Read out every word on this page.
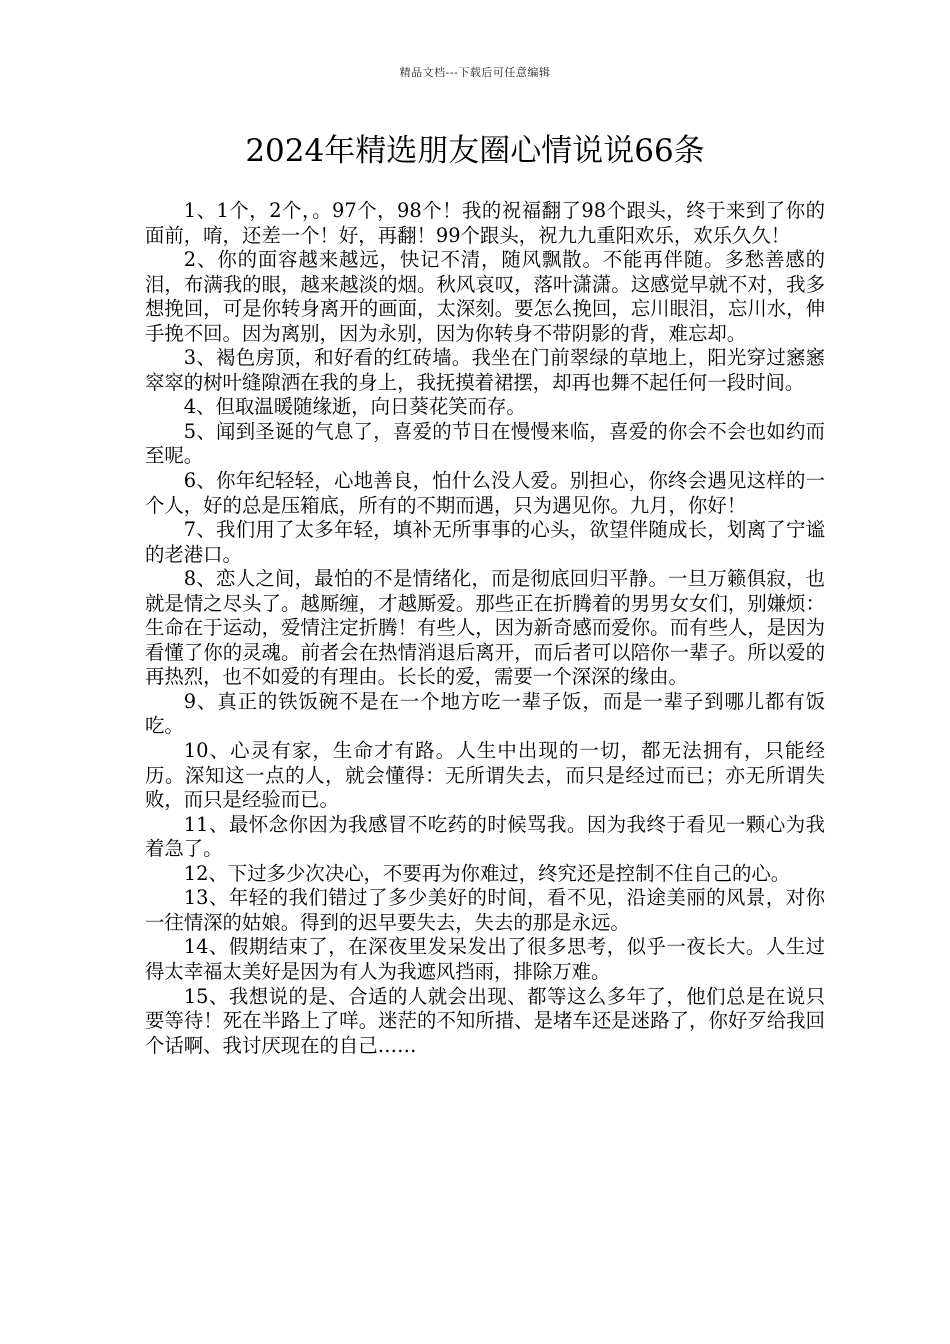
精品文档---下载后可任意编辑
2024年精选朋友圈心情说说66条

1、1个，2个，。97个，98个！我的祝福翻了98个跟头，终于来到了你的面前，唷，还差一个！好，再翻！99个跟头，祝九九重阳欢乐，欢乐久久！

2、你的面容越来越远，快记不清，随风飘散。不能再伴随。多愁善感的泪，布满我的眼，越来越淡的烟。秋风哀叹，落叶潇潇。这感觉早就不对，我多想挽回，可是你转身离开的画面，太深刻。要怎么挽回，忘川眼泪，忘川水，伸手挽不回。因为离别，因为永别，因为你转身不带阴影的背，难忘却。

3、褐色房顶，和好看的红砖墙。我坐在门前翠绿的草地上，阳光穿过窸窸窣窣的树叶缝隙洒在我的身上，我抚摸着裙摆，却再也舞不起任何一段时间。

4、但取温暖随缘逝，向日葵花笑而存。

5、闻到圣诞的气息了，喜爱的节日在慢慢来临，喜爱的你会不会也如约而至呢。

6、你年纪轻轻，心地善良，怕什么没人爱。别担心，你终会遇见这样的一个人，好的总是压箱底，所有的不期而遇，只为遇见你。九月，你好！

7、我们用了太多年轻，填补无所事事的心头，欲望伴随成长，划离了宁谧的老港口。

8、恋人之间，最怕的不是情绪化，而是彻底回归平静。一旦万籁俱寂，也就是情之尽头了。越厮缠，才越厮爱。那些正在折腾着的男男女女们，别嫌烦：生命在于运动，爱情注定折腾！有些人，因为新奇感而爱你。而有些人，是因为看懂了你的灵魂。前者会在热情消退后离开，而后者可以陪你一辈子。所以爱的再热烈，也不如爱的有理由。长长的爱，需要一个深深的缘由。

9、真正的铁饭碗不是在一个地方吃一辈子饭，而是一辈子到哪儿都有饭吃。

10、心灵有家，生命才有路。人生中出现的一切，都无法拥有，只能经历。深知这一点的人，就会懂得：无所谓失去，而只是经过而已；亦无所谓失败，而只是经验而已。

11、最怀念你因为我感冒不吃药的时候骂我。因为我终于看见一颗心为我着急了。

12、下过多少次决心，不要再为你难过，终究还是控制不住自己的心。

13、年轻的我们错过了多少美好的时间，看不见，沿途美丽的风景，对你一往情深的姑娘。得到的迟早要失去，失去的那是永远。

14、假期结束了，在深夜里发呆发出了很多思考，似乎一夜长大。人生过得太幸福太美好是因为有人为我遮风挡雨，排除万难。

15、我想说的是、合适的人就会出现、都等这么多年了，他们总是在说只要等待！死在半路上了咩。迷茫的不知所措、是堵车还是迷路了，你好歹给我回个话啊、我讨厌现在的自己……
